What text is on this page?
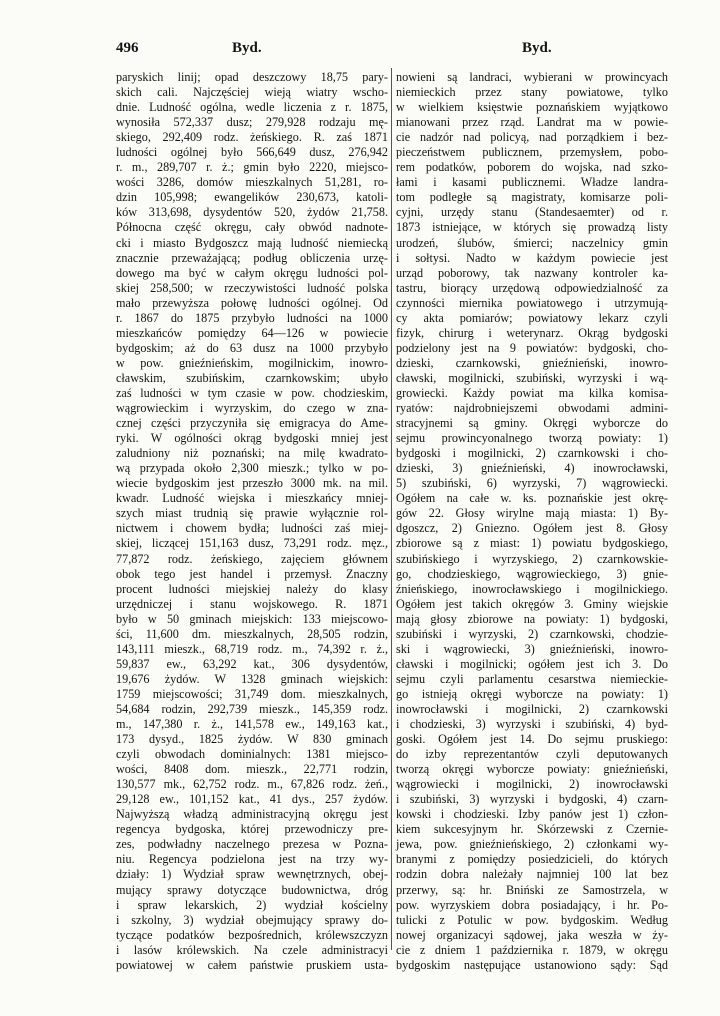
496	Byd.	Byd.
paryskich linij; opad deszczowy 18,75 pary-
skich cali. Najczęściej wieją wiatry wscho-
dnie. Ludność ogólna, wedle liczenia z r. 1875,
wynosiła 572,337 dusz; 279,928 rodzaju mę-
skiego, 292,409 rodz. żeńskiego. R. zaś 1871
ludności ogólnej było 566,649 dusz, 276,942
r. m., 289,707 r. ż.; gmin było 2220, miejsco-
wości 3286, domów mieszkalnych 51,281, ro-
dzin 105,998; ewangelików 230,673, katoli-
ków 313,698, dysydentów 520, żydów 21,758.
Północna część okręgu, cały obwód nadnote-
cki i miasto Bydgoszcz mają ludność niemiecką
znacznie przeważającą; podług obliczenia urzę-
dowego ma być w całym okręgu ludności pol-
skiej 258,500; w rzeczywistości ludność polska
mało przewyższa połowę ludności ogólnej. Od
r. 1867 do 1875 przybyło ludności na 1000
mieszkańców pomiędzy 64—126 w powiecie
bydgoskim; aż do 63 dusz na 1000 przybyło
w pow. gnieźnieńskim, mogilnickim, inowro-
cławskim, szubińskim, czarnkowskim; ubyło
zaś ludności w tym czasie w pow. chodzieskim,
wągrowieckim i wyrzyskim, do czego w zna-
cznej części przyczyniła się emigracya do Ame-
ryki. W ogólności okrąg bydgoski mniej jest
zaludniony niż poznański; na milę kwadrato-
wą przypada około 2,300 mieszk.; tylko w po-
wiecie bydgoskim jest przeszło 3000 mk. na mil.
kwadr. Ludność wiejska i mieszkańcy mniej-
szych miast trudnią się prawie wyłącznie rol-
nictwem i chowem bydła; ludności zaś miej-
skiej, liczącej 151,163 dusz, 73,291 rodz. męz.,
77,872 rodz. żeńskiego, zajęciem głównem
obok tego jest handel i przemysł. Znaczny
procent ludności miejskiej należy do klasy
urzędniczej i stanu wojskowego. R. 1871
było w 50 gminach miejskich: 133 miejscowo-
ści, 11,600 dm. mieszkalnych, 28,505 rodzin,
143,111 mieszk., 68,719 rodz. m., 74,392 r. ż.,
59,837 ew., 63,292 kat., 306 dysydentów,
19,676 żydów. W 1328 gminach wiejskich:
1759 miejscowości; 31,749 dom. mieszkalnych,
54,684 rodzin, 292,739 mieszk., 145,359 rodz.
m., 147,380 r. ż., 141,578 ew., 149,163 kat.,
173 dysyd., 1825 żydów. W 830 gminach
czyli obwodach dominialnych: 1381 miejsco-
wości, 8408 dom. mieszk., 22,771 rodzin,
130,577 mk., 62,752 rodz. m., 67,826 rodz. żeń.,
29,128 ew., 101,152 kat., 41 dys., 257 żydów.
Najwyższą władzą administracyjną okręgu jest
regencya bydgoska, której przewodniczy pre-
zes, podwładny naczelnego prezesa w Pozna-
niu. Regencya podzielona jest na trzy wy-
działy: 1) Wydział spraw wewnętrznych, obej-
mujący sprawy dotyczące budownictwa, dróg
i spraw lekarskich, 2) wydział kościelny
i szkolny, 3) wydział obejmujący sprawy do-
tyczące podatków bezpośrednich, królewszczyzn
i lasów królewskich. Na czele administracyi
powiatowej w całem państwie pruskiem usta-
nowieni są landraci, wybierani w prowincyach
niemieckich przez stany powiatowe, tylko
w wielkiem księstwie poznańskiem wyjątkowo
mianowani przez rząd. Landrat ma w powie-
cie nadzór nad policyą, nad porządkiem i bez-
pieczeństwem publicznem, przemysłem, pobo-
rem podatków, poborem do wojska, nad szko-
łami i kasami publicznemi. Władze landra-
tom podległe są magistraty, komisarze poli-
cyjni, urzędy stanu (Standesaemter) od r.
1873 istniejące, w których się prowadzą listy
urodzeń, ślubów, śmierci; naczelnicy gmin
i sołtysi. Nadto w każdym powiecie jest
urząd poborowy, tak nazwany kontroler ka-
tastru, biorący urzędową odpowiedzialność za
czynności miernika powiatowego i utrzymują-
cy akta pomiarów; powiatowy lekarz czyli
fizyk, chirurg i weterynarz. Okrąg bydgoski
podzielony jest na 9 powiatów: bydgoski, cho-
dzieski, czarnkowski, gnieźnieński, inowro-
cławski, mogilnicki, szubiński, wyrzyski i wą-
growiecki. Każdy powiat ma kilka komisa-
ryatów: najdrobniejszemi obwodami admini-
stracyjnemi są gminy. Okręgi wyborcze do
sejmu prowincyonalnego tworzą powiaty: 1)
bydgoski i mogilnicki, 2) czarnkowski i cho-
dzieski, 3) gnieźnieński, 4) inowrocławski,
5) szubiński, 6) wyrzyski, 7) wągrowiecki.
Ogółem na całe w. ks. poznańskie jest okrę-
gów 22. Głosy wirylne mają miasta: 1) By-
dgoszcz, 2) Gniezno. Ogółem jest 8. Głosy
zbiorowe są z miast: 1) powiatu bydgoskiego,
szubińskiego i wyrzyskiego, 2) czarnkowskie-
go, chodzieskiego, wągrowieckiego, 3) gnie-
źnieńskiego, inowrocławskiego i mogilnickiego.
Ogółem jest takich okręgów 3. Gminy wiejskie
mają głosy zbiorowe na powiaty: 1) bydgoski,
szubiński i wyrzyski, 2) czarnkowski, chodzie-
ski i wągrowiecki, 3) gnieźnieński, inowro-
cławski i mogilnicki; ogółem jest ich 3. Do
sejmu czyli parlamentu cesarstwa niemieckie-
go istnieją okręgi wyborcze na powiaty: 1)
inowrocławski i mogilnicki, 2) czarnkowski
i chodzieski, 3) wyrzyski i szubiński, 4) byd-
goski. Ogółem jest 14. Do sejmu pruskiego:
do izby reprezentantów czyli deputowanych
tworzą okręgi wyborcze powiaty: gnieźnieński,
wągrowiecki i mogilnicki, 2) inowrocławski
i szubiński, 3) wyrzyski i bydgoski, 4) czarn-
kowski i chodzieski. Izby panów jest 1) człon-
kiem sukcesyjnym hr. Skórzewski z Czernie-
jewa, pow. gnieźnieńskiego, 2) członkami wy-
branymi z pomiędzy posiedzicieli, do których
rodzin dobra należały najmniej 100 lat bez
przerwy, są: hr. Bniński ze Samostrzela, w
pow. wyrzyskiem dobra posiadający, i hr. Po-
tulicki z Potulic w pow. bydgoskim. Według
nowej organizacyi sądowej, jaka weszła w ży-
cie z dniem 1 października r. 1879, w okręgu
bydgoskim następujące ustanowiono sądy: Sąd
